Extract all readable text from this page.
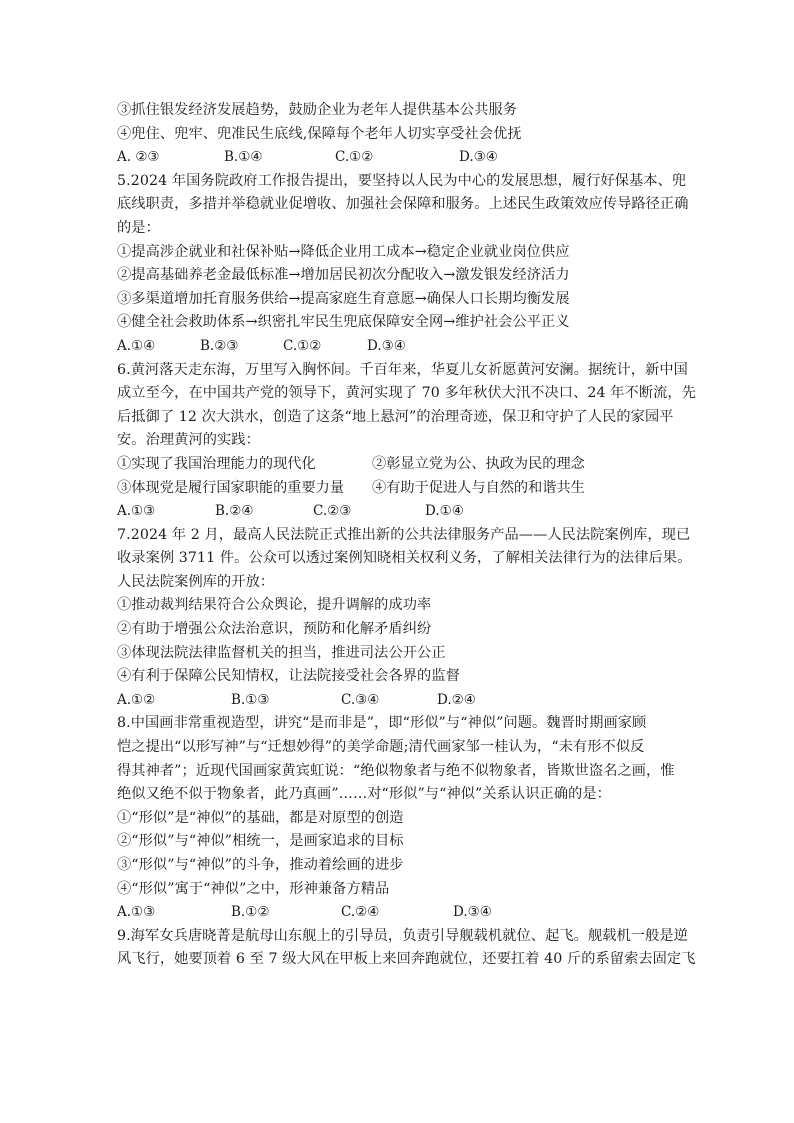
③抓住银发经济发展趋势，鼓励企业为老年人提供基本公共服务
④兜住、兜牢、兜准民生底线,保障每个老年人切实享受社会优抚
A. ②③	B.①④	C.①②	D.③④
5.2024 年国务院政府工作报告提出，要坚持以人民为中心的发展思想，履行好保基本、兜
底线职责，多措并举稳就业促增收、加强社会保障和服务。上述民生政策效应传导路径正确
的是：
①提高涉企就业和社保补贴→降低企业用工成本→稳定企业就业岗位供应
②提高基础养老金最低标准→增加居民初次分配收入→激发银发经济活力
③多渠道增加托育服务供给→提高家庭生育意愿→确保人口长期均衡发展
④健全社会救助体系→织密扎牢民生兜底保障安全网→维护社会公平正义
A.①④	B.②③	C.①②	D.③④
6.黄河落天走东海，万里写入胸怀间。千百年来，华夏儿女祈愿黄河安澜。据统计，新中国
成立至今，在中国共产党的领导下，黄河实现了 70 多年秋伏大汛不决口、24 年不断流，先
后抵御了 12 次大洪水，创造了这条“地上悬河”的治理奇迹，保卫和守护了人民的家园平
安。治理黄河的实践：
①实现了我国治理能力的现代化	②彰显立党为公、执政为民的理念
③体现党是履行国家职能的重要力量	④有助于促进人与自然的和谐共生
A.①③	B.②④	C.②③	D.①④
7.2024 年 2 月，最高人民法院正式推出新的公共法律服务产品——人民法院案例库，现已
收录案例 3711 件。公众可以透过案例知晓相关权利义务，了解相关法律行为的法律后果。
人民法院案例库的开放：
①推动裁判结果符合公众舆论，提升调解的成功率
②有助于增强公众法治意识，预防和化解矛盾纠纷
③体现法院法律监督机关的担当，推进司法公开公正
④有利于保障公民知情权，让法院接受社会各界的监督
A.①②	B.①③	C.③④	D.②④
8.中国画非常重视造型，讲究“是而非是”，即“形似”与“神似”问题。魏晋时期画家顾
恺之提出“以形写神”与“迁想妙得”的美学命题;清代画家邹一桂认为，“未有形不似反
得其神者”；近现代国画家黄宾虹说：“绝似物象者与绝不似物象者，皆欺世盗名之画，惟
绝似又绝不似于物象者，此乃真画”……对“形似”与“神似”关系认识正确的是：
①“形似”是“神似”的基础，都是对原型的创造
②“形似”与“神似”相统一，是画家追求的目标
③“形似”与“神似”的斗争，推动着绘画的进步
④“形似”寓于“神似”之中，形神兼备方精品
A.①③	B.①②	C.②④	D.③④
9.海军女兵唐晓菁是航母山东舰上的引导员，负责引导舰载机就位、起飞。舰载机一般是逆
风飞行，她要顶着 6 至 7 级大风在甲板上来回奔跑就位，还要扛着 40 斤的系留索去固定飞
